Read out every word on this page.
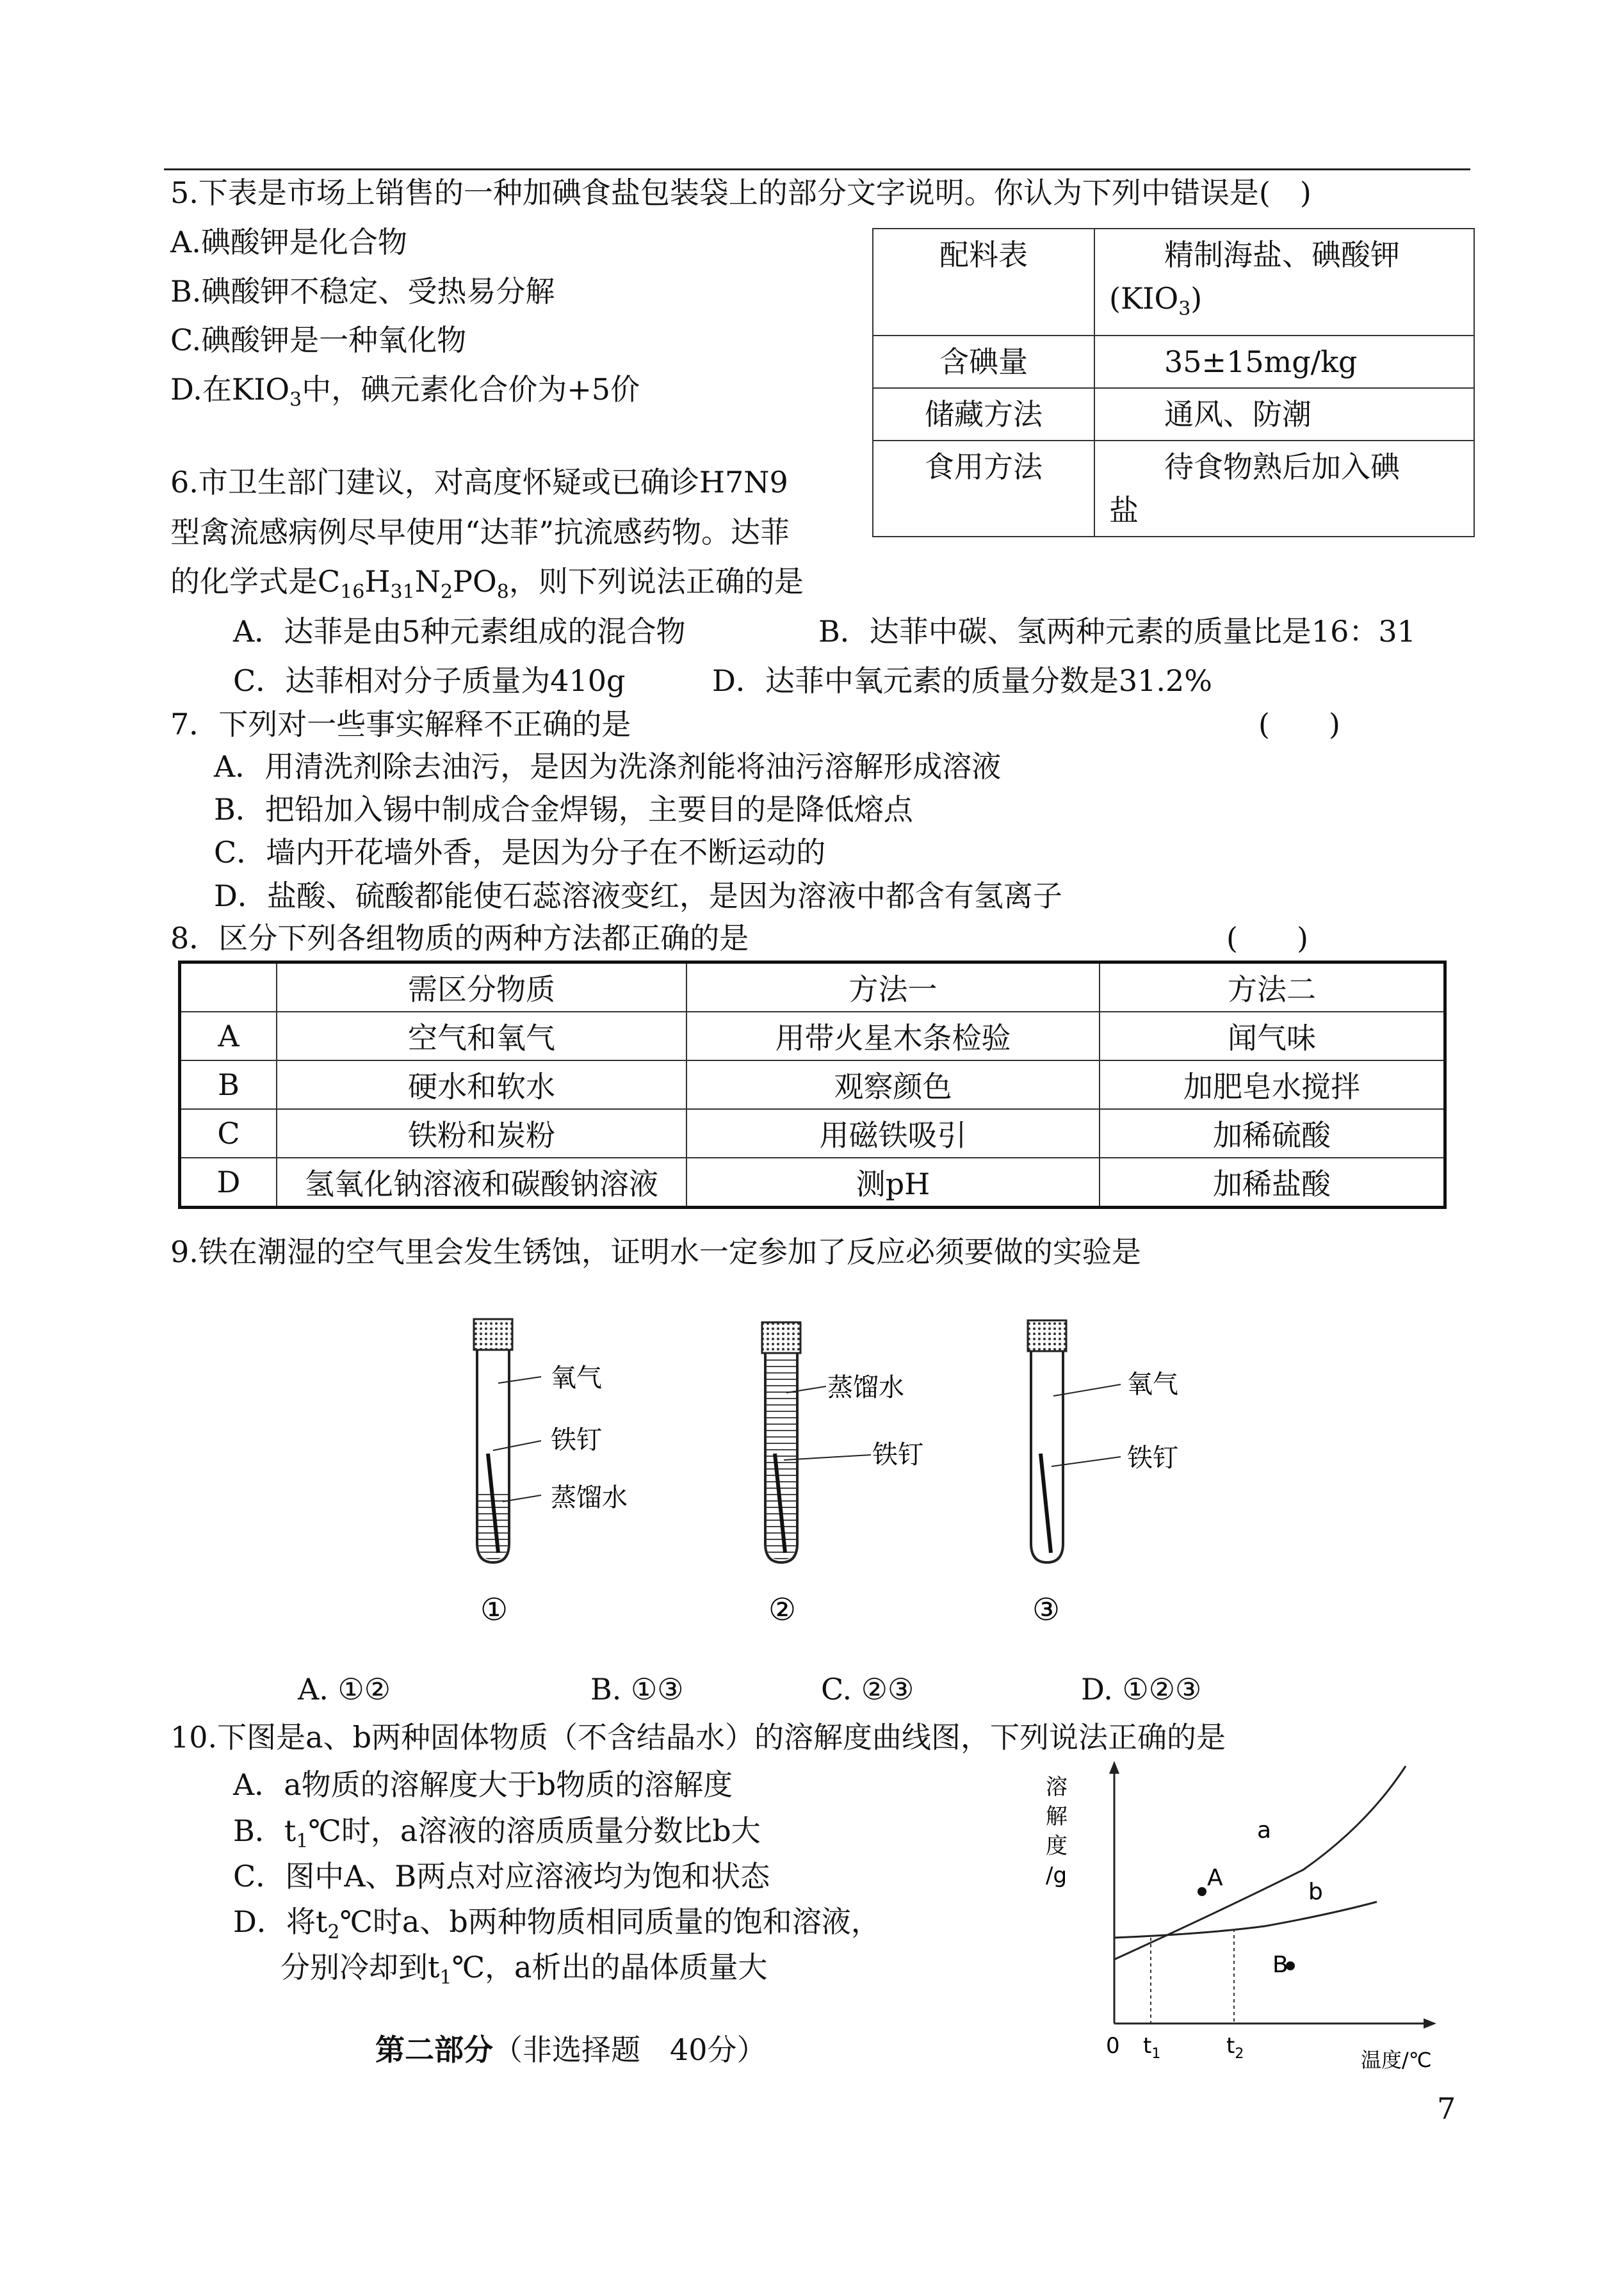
5.下表是市场上销售的一种加碘食盐包装袋上的部分文字说明。你认为下列中错误是(　)
A.碘酸钾是化合物
B.碘酸钾不稳定、受热易分解
C.碘酸钾是一种氧化物
D.在$KIO_3$中，碘元素化合价为+5价
配料表	精制海盐、碘酸钾
$(KIO_3)$
含碘量	35±15mg/kg
储藏方法	通风、防潮
食用方法	待食物熟后加入碘
盐
6.市卫生部门建议，对高度怀疑或已确诊H7N9
型禽流感病例尽早使用“达菲”抗流感药物。达菲
的化学式是$C_{16}H_{31}N_2PO_8$，则下列说法正确的是
A．达菲是由5种元素组成的混合物	B．达菲中碳、氢两种元素的质量比是16：31
C．达菲相对分子质量为410g	D．达菲中氧元素的质量分数是31.2%
7．下列对一些事实解释不正确的是	(　　)
A．用清洗剂除去油污，是因为洗涤剂能将油污溶解形成溶液
B．把铅加入锡中制成合金焊锡，主要目的是降低熔点
C．墙内开花墙外香，是因为分子在不断运动的
D．盐酸、硫酸都能使石蕊溶液变红，是因为溶液中都含有氢离子
8．区分下列各组物质的两种方法都正确的是	(　　)
	需区分物质	方法一	方法二
A	空气和氧气	用带火星木条检验	闻气味
B	硬水和软水	观察颜色	加肥皂水搅拌
C	铁粉和炭粉	用磁铁吸引	加稀硫酸
D	氢氧化钠溶液和碳酸钠溶液	测pH	加稀盐酸
9.铁在潮湿的空气里会发生锈蚀，证明水一定参加了反应必须要做的实验是
氧气
铁钉
蒸馏水
①
蒸馏水
铁钉
②
氧气
铁钉
③
A. ①②	B. ①③	C. ②③	D. ①②③
10.下图是a、b两种固体物质（不含结晶水）的溶解度曲线图，下列说法正确的是
A．a物质的溶解度大于b物质的溶解度
B．$t_1℃$时，a溶液的溶质质量分数比b大
C．图中A、B两点对应溶液均为饱和状态
D．将$t_2℃$时a、b两种物质相同质量的饱和溶液，
分别冷却到$t_1℃$，a析出的晶体质量大
溶
解
度
/g	A
B
a
b
0 $t_1$	$t_2$	温度/℃
第二部分（非选择题　40分）
7
